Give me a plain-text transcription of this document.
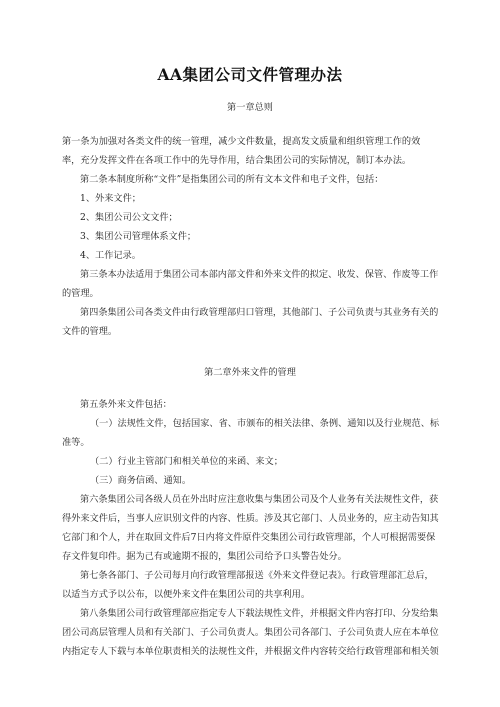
AA集团公司文件管理办法
第一章总则
第一条为加强对各类文件的统一管理，减少文件数量，提高发文质量和组织管理工作的效
率，充分发挥文件在各项工作中的先导作用，结合集团公司的实际情况，制订本办法。
第二条本制度所称“文件”是指集团公司的所有文本文件和电子文件，包括：
1、外来文件；
2、集团公司公文文件；
3、集团公司管理体系文件；
4、工作记录。
第三条本办法适用于集团公司本部内部文件和外来文件的拟定、收发、保管、作废等工作
的管理。
第四条集团公司各类文件由行政管理部归口管理，其他部门、子公司负责与其业务有关的
文件的管理。
第二章外来文件的管理
第五条外来文件包括：
（一）法规性文件，包括国家、省、市颁布的相关法律、条例、通知以及行业规范、标
准等。
（二）行业主管部门和相关单位的来函、来文；
（三）商务信函、通知。
第六条集团公司各级人员在外出时应注意收集与集团公司及个人业务有关法规性文件，获
得外来文件后，当事人应识别文件的内容、性质。涉及其它部门、人员业务的，应主动告知其
它部门和个人，并在取回文件后7日内将文件原件交集团公司行政管理部，个人可根据需要保
存文件复印件。据为己有或逾期不报的，集团公司给予口头警告处分。
第七条各部门、子公司每月向行政管理部报送《外来文件登记表》。行政管理部汇总后，
以适当方式予以公布，以便外来文件在集团公司的共享利用。
第八条集团公司行政管理部应指定专人下载法规性文件，并根据文件内容打印、分发给集
团公司高层管理人员和有关部门、子公司负责人。集团公司各部门、子公司负责人应在本单位
内指定专人下载与本单位职责相关的法规性文件，并根据文件内容转交给行政管理部和相关领
